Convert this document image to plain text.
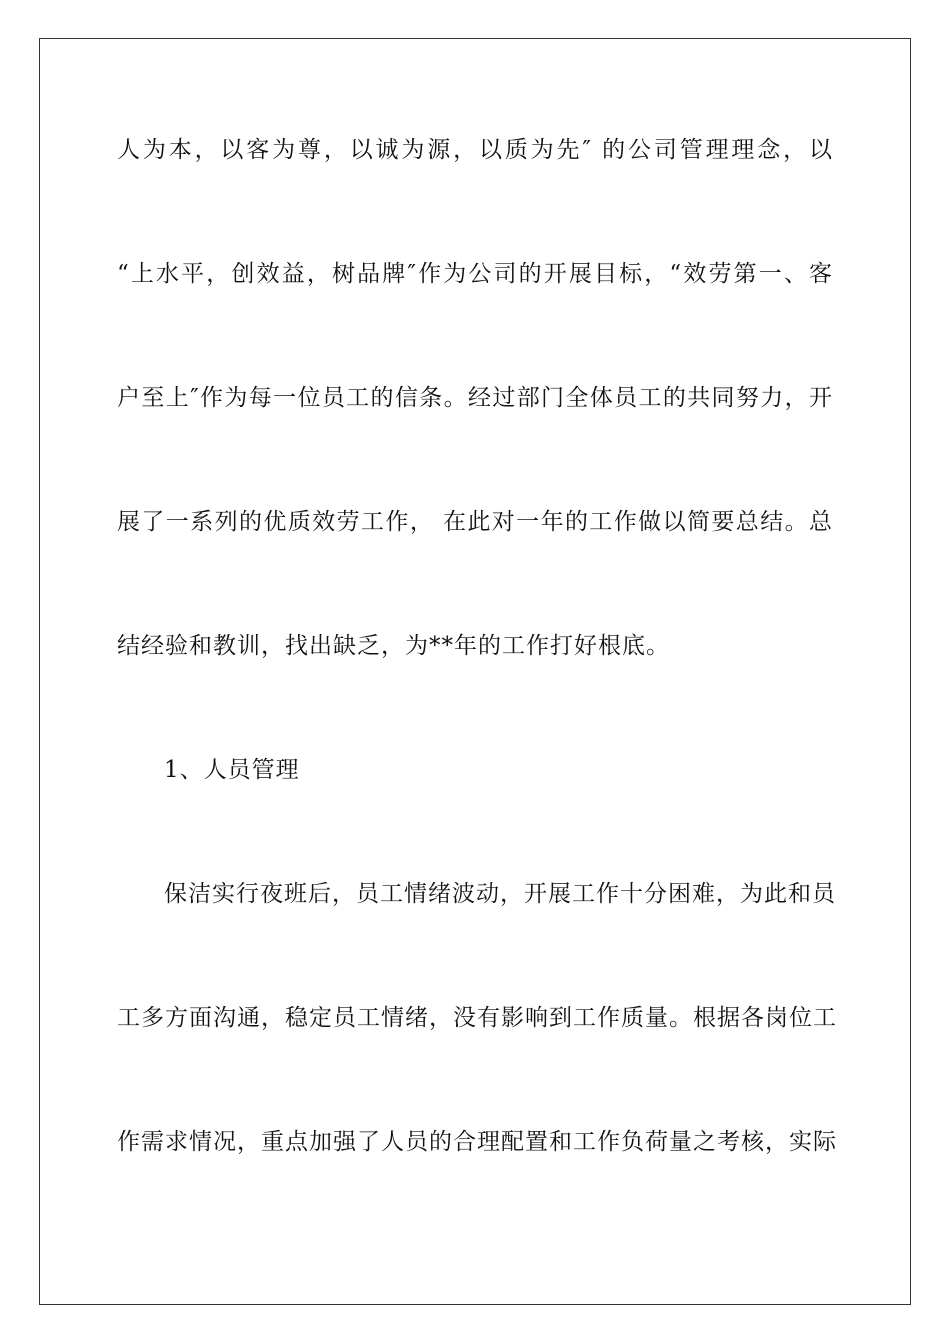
人为本，以客为尊，以诚为源，以质为先″ 的公司管理理念，以
“上水平，创效益，树品牌″作为公司的开展目标，“效劳第一、客
户至上″作为每一位员工的信条。经过部门全体员工的共同努力，开
展了一系列的优质效劳工作， 在此对一年的工作做以简要总结。总
结经验和教训，找出缺乏，为**年的工作打好根底。
1、人员管理
保洁实行夜班后，员工情绪波动，开展工作十分困难，为此和员
工多方面沟通，稳定员工情绪，没有影响到工作质量。根据各岗位工
作需求情况，重点加强了人员的合理配置和工作负荷量之考核，实际
